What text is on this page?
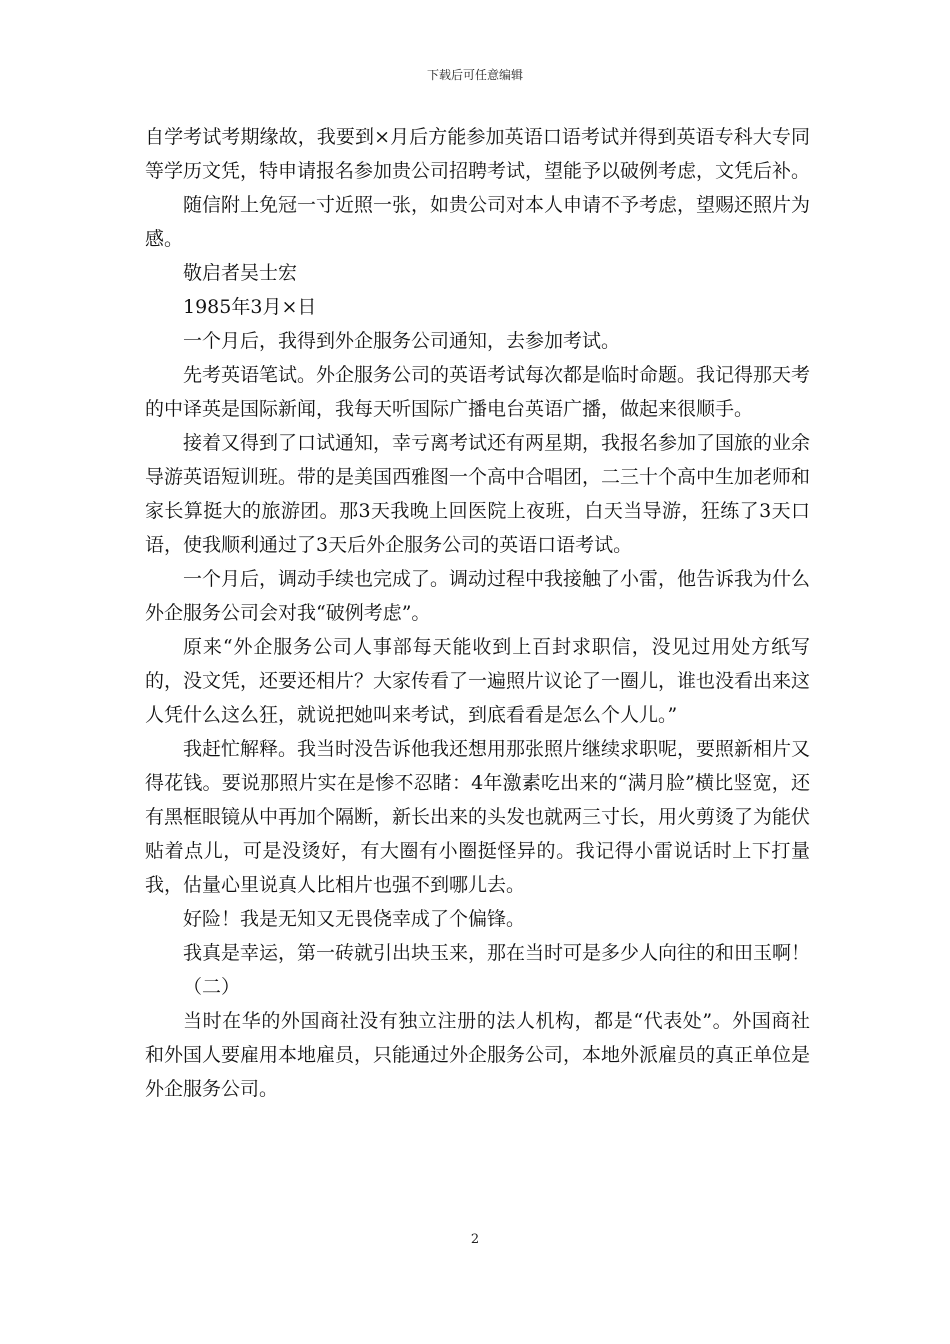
下载后可任意编辑

自学考试考期缘故，我要到×月后方能参加英语口语考试并得到英语专科大专同等学历文凭，特申请报名参加贵公司招聘考试，望能予以破例考虑，文凭后补。

随信附上免冠一寸近照一张，如贵公司对本人申请不予考虑，望赐还照片为感。

敬启者吴士宏

1985年3月×日

一个月后，我得到外企服务公司通知，去参加考试。

先考英语笔试。外企服务公司的英语考试每次都是临时命题。我记得那天考的中译英是国际新闻，我每天听国际广播电台英语广播，做起来很顺手。

接着又得到了口试通知，幸亏离考试还有两星期，我报名参加了国旅的业余导游英语短训班。带的是美国西雅图一个高中合唱团，二三十个高中生加老师和家长算挺大的旅游团。那3天我晚上回医院上夜班，白天当导游，狂练了3天口语，使我顺利通过了3天后外企服务公司的英语口语考试。

一个月后，调动手续也完成了。调动过程中我接触了小雷，他告诉我为什么外企服务公司会对我“破例考虑”。

原来“外企服务公司人事部每天能收到上百封求职信，没见过用处方纸写的，没文凭，还要还相片？大家传看了一遍照片议论了一圈儿，谁也没看出来这人凭什么这么狂，就说把她叫来考试，到底看看是怎么个人儿。”

我赶忙解释。我当时没告诉他我还想用那张照片继续求职呢，要照新相片又得花钱。要说那照片实在是惨不忍睹：4年激素吃出来的“满月脸”横比竖宽，还有黑框眼镜从中再加个隔断，新长出来的头发也就两三寸长，用火剪烫了为能伏贴着点儿，可是没烫好，有大圈有小圈挺怪异的。我记得小雷说话时上下打量我，估量心里说真人比相片也强不到哪儿去。

好险！我是无知又无畏侥幸成了个偏锋。

我真是幸运，第一砖就引出块玉来，那在当时可是多少人向往的和田玉啊！

（二）

当时在华的外国商社没有独立注册的法人机构，都是“代表处”。外国商社和外国人要雇用本地雇员，只能通过外企服务公司，本地外派雇员的真正单位是外企服务公司。

2
